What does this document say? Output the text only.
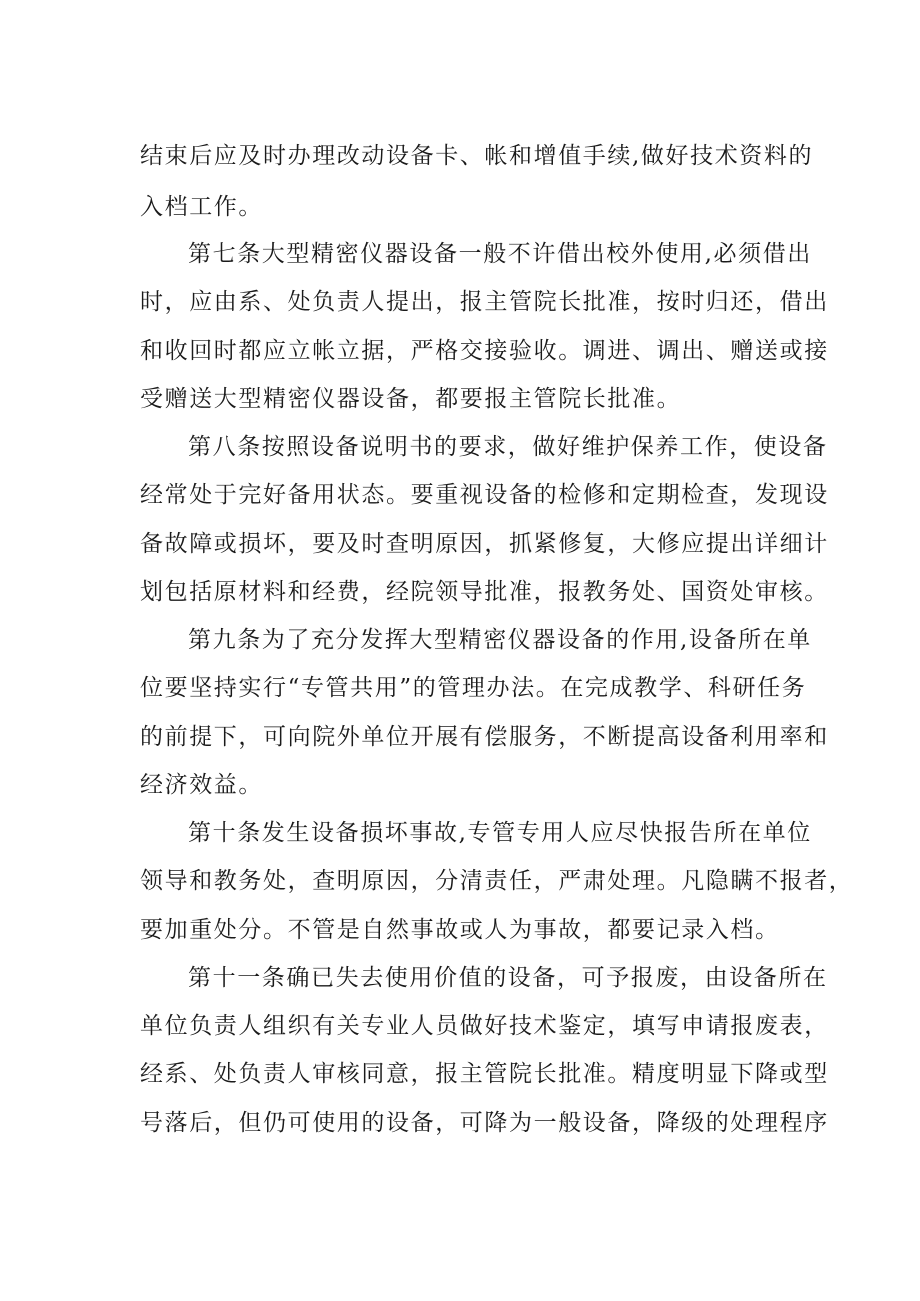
结束后应及时办理改动设备卡、帐和增值手续,做好技术资料的
入档工作。
第七条大型精密仪器设备一般不许借出校外使用,必须借出
时，应由系、处负责人提出，报主管院长批准，按时归还，借出
和收回时都应立帐立据，严格交接验收。调进、调出、赠送或接
受赠送大型精密仪器设备，都要报主管院长批准。
第八条按照设备说明书的要求，做好维护保养工作，使设备
经常处于完好备用状态。要重视设备的检修和定期检查，发现设
备故障或损坏，要及时查明原因，抓紧修复，大修应提出详细计
划包括原材料和经费，经院领导批准，报教务处、国资处审核。
第九条为了充分发挥大型精密仪器设备的作用,设备所在单
位要坚持实行“专管共用”的管理办法。在完成教学、科研任务
的前提下，可向院外单位开展有偿服务，不断提高设备利用率和
经济效益。
第十条发生设备损坏事故,专管专用人应尽快报告所在单位
领导和教务处，查明原因，分清责任，严肃处理。凡隐瞒不报者，
要加重处分。不管是自然事故或人为事故，都要记录入档。
第十一条确已失去使用价值的设备，可予报废，由设备所在
单位负责人组织有关专业人员做好技术鉴定，填写申请报废表，
经系、处负责人审核同意，报主管院长批准。精度明显下降或型
号落后，但仍可使用的设备，可降为一般设备，降级的处理程序
